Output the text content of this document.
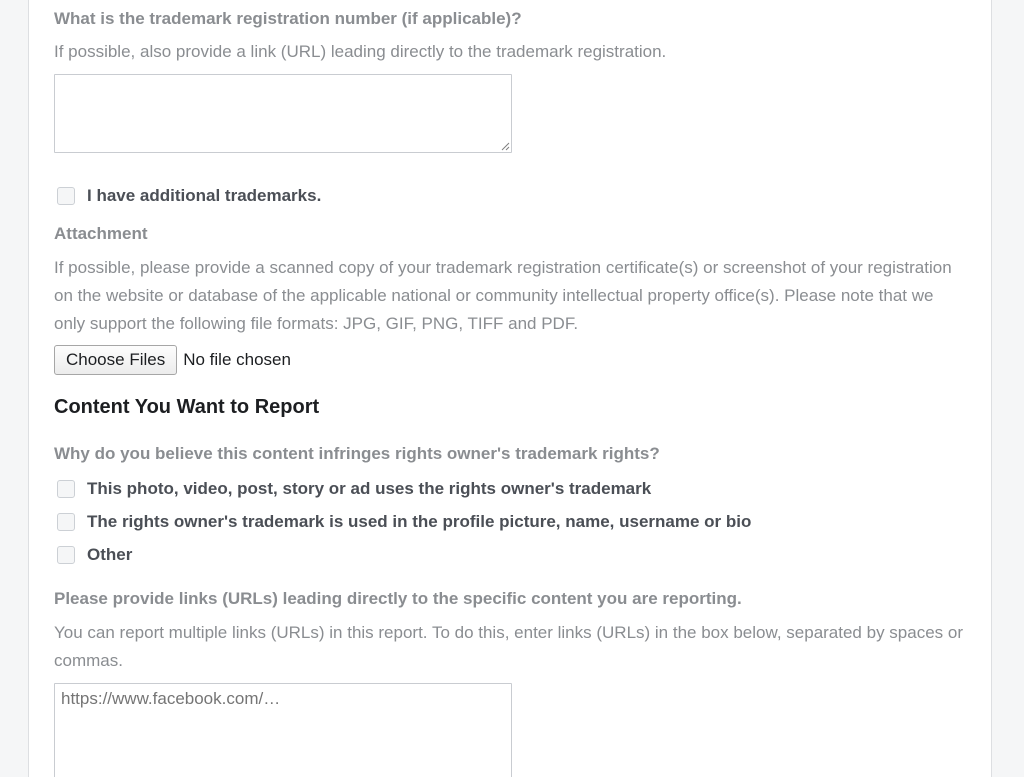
What is the trademark registration number (if applicable)?
If possible, also provide a link (URL) leading directly to the trademark registration.
I have additional trademarks.
Attachment
If possible, please provide a scanned copy of your trademark registration certificate(s) or screenshot of your registration on the website or database of the applicable national or community intellectual property office(s). Please note that we only support the following file formats: JPG, GIF, PNG, TIFF and PDF.
Choose Files	No file chosen
Content You Want to Report
Why do you believe this content infringes rights owner's trademark rights?
This photo, video, post, story or ad uses the rights owner's trademark
The rights owner's trademark is used in the profile picture, name, username or bio
Other
Please provide links (URLs) leading directly to the specific content you are reporting.
You can report multiple links (URLs) in this report. To do this, enter links (URLs) in the box below, separated by spaces or commas.
https://www.facebook.com/…
